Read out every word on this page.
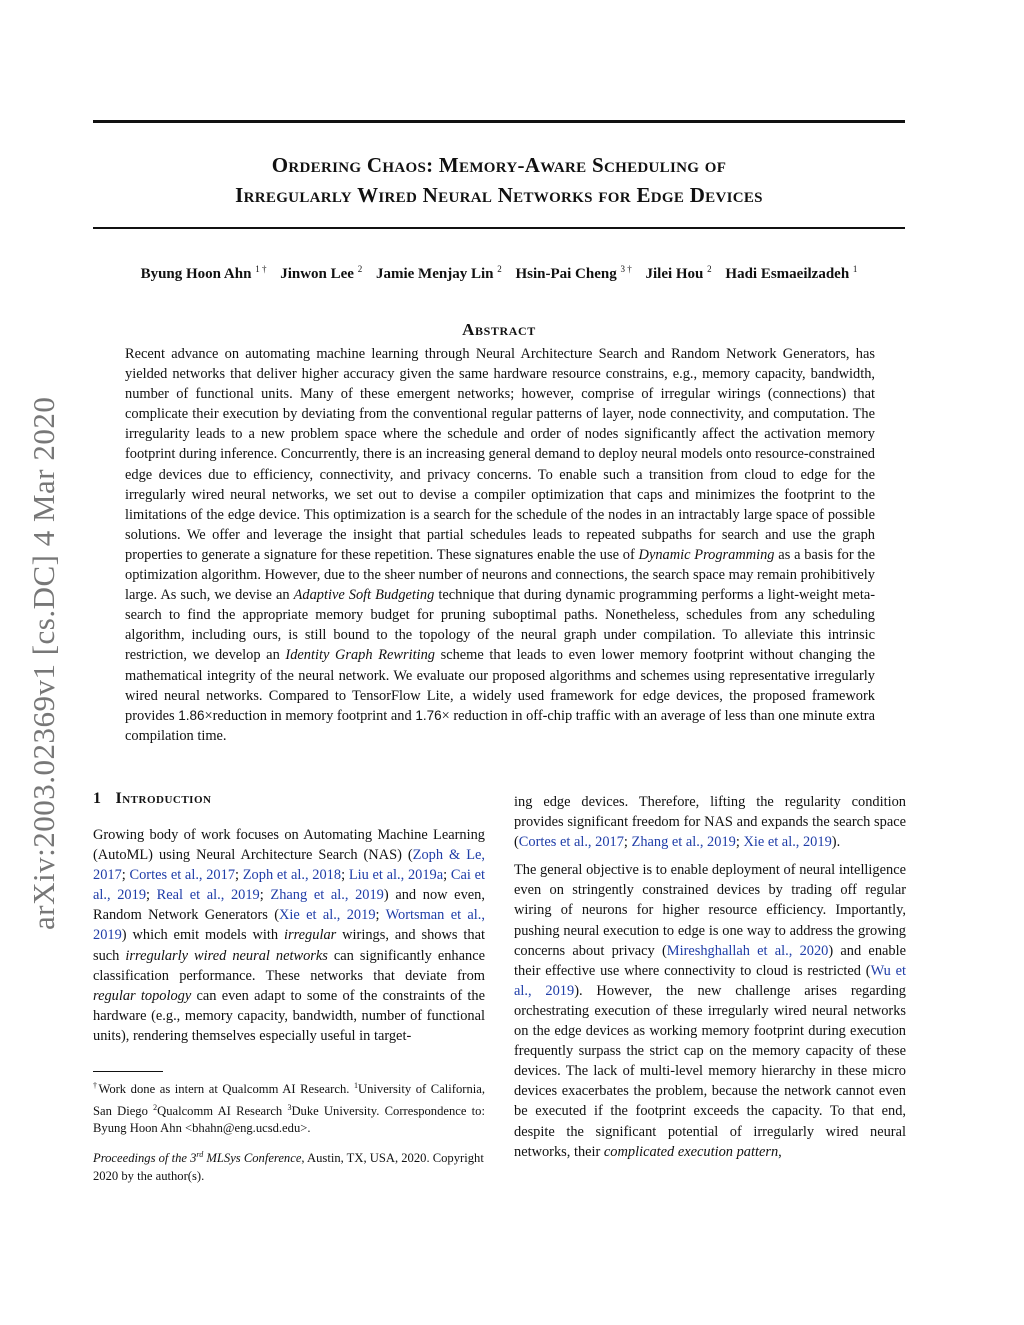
Ordering Chaos: Memory-Aware Scheduling of
Irregularly Wired Neural Networks for Edge Devices
Byung Hoon Ahn $^{1 \dagger}$ Jinwon Lee $^2$ Jamie Menjay Lin $^2$ Hsin-Pai Cheng $^{3 \dagger}$ Jilei Hou $^2$ Hadi Esmaeilzadeh $^1$
Abstract

Recent advance on automating machine learning through Neural Architecture Search and Random Network Generators, has yielded networks that deliver higher accuracy given the same hardware resource constrains, e.g., memory capacity, bandwidth, number of functional units. Many of these emergent networks; however, comprise of irregular wirings (connections) that complicate their execution by deviating from the conventional regular patterns of layer, node connectivity, and computation. The irregularity leads to a new problem space where the schedule and order of nodes significantly affect the activation memory footprint during inference. Concurrently, there is an increasing general demand to deploy neural models onto resource-constrained edge devices due to efficiency, connectivity, and privacy concerns. To enable such a transition from cloud to edge for the irregularly wired neural networks, we set out to devise a compiler optimization that caps and minimizes the footprint to the limitations of the edge device. This optimization is a search for the schedule of the nodes in an intractably large space of possible solutions. We offer and leverage the insight that partial schedules leads to repeated subpaths for search and use the graph properties to generate a signature for these repetition. These signatures enable the use of Dynamic Programming as a basis for the optimization algorithm. However, due to the sheer number of neurons and connections, the search space may remain prohibitively large. As such, we devise an Adaptive Soft Budgeting technique that during dynamic programming performs a light-weight meta-search to find the appropriate memory budget for pruning suboptimal paths. Nonetheless, schedules from any scheduling algorithm, including ours, is still bound to the topology of the neural graph under compilation. To alleviate this intrinsic restriction, we develop an Identity Graph Rewriting scheme that leads to even lower memory footprint without changing the mathematical integrity of the neural network. We evaluate our proposed algorithms and schemes using representative irregularly wired neural networks. Compared to TensorFlow Lite, a widely used framework for edge devices, the proposed framework provides 1.86×reduction in memory footprint and 1.76× reduction in off-chip traffic with an average of less than one minute extra compilation time.

arXiv:2003.02369v1 [cs.DC] 4 Mar 2020 1 Introduction

Growing body of work focuses on Automating Machine Learning (AutoML) using Neural Architecture Search (NAS) (Zoph & Le, 2017; Cortes et al., 2017; Zoph et al., 2018; Liu et al., 2019a; Cai et al., 2019; Real et al., 2019; Zhang et al., 2019) and now even, Random Network Generators (Xie et al., 2019; Wortsman et al., 2019) which emit models with irregular wirings, and shows that such irregularly wired neural networks can significantly enhance classification performance. These networks that deviate from regular topology can even adapt to some of the constraints of the hardware (e.g., memory capacity, bandwidth, number of functional units), rendering themselves especially useful in target-

†Work done as intern at Qualcomm AI Research. $^1$University of California, San Diego $^2$Qualcomm AI Research $^3$Duke University. Correspondence to: Byung Hoon Ahn <bhahn@eng.ucsd.edu>.
Proceedings of the 3rd MLSys Conference, Austin, TX, USA, 2020. Copyright 2020 by the author(s).

ing edge devices. Therefore, lifting the regularity condition provides significant freedom for NAS and expands the search space (Cortes et al., 2017; Zhang et al., 2019; Xie et al., 2019).

The general objective is to enable deployment of neural intelligence even on stringently constrained devices by trading off regular wiring of neurons for higher resource efficiency. Importantly, pushing neural execution to edge is one way to address the growing concerns about privacy (Mireshghallah et al., 2020) and enable their effective use where connectivity to cloud is restricted (Wu et al., 2019). However, the new challenge arises regarding orchestrating execution of these irregularly wired neural networks on the edge devices as working memory footprint during execution frequently surpass the strict cap on the memory capacity of these devices. The lack of multi-level memory hierarchy in these micro devices exacerbates the problem, because the network cannot even be executed if the footprint exceeds the capacity. To that end, despite the significant potential of irregularly wired neural networks, their complicated execution pattern,
